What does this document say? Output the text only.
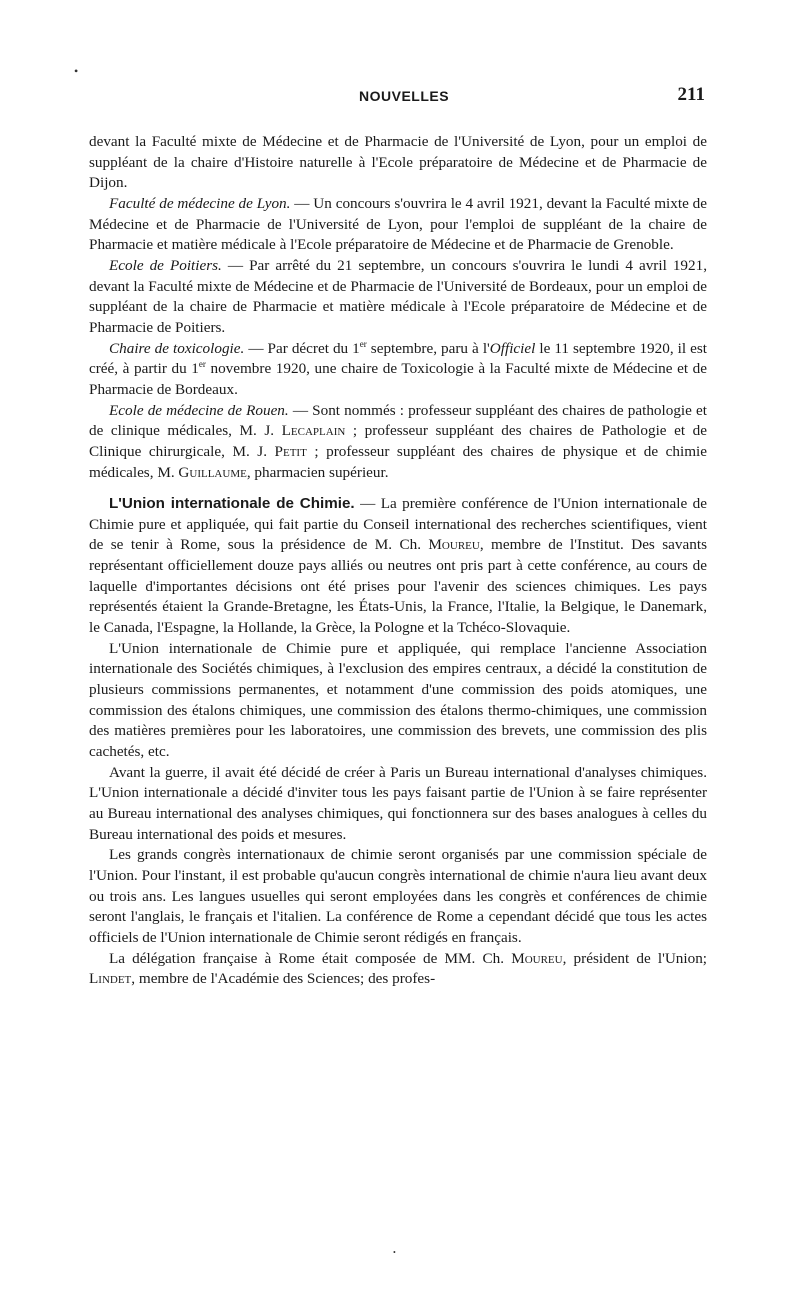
•
NOUVELLES	211

devant la Faculté mixte de Médecine et de Pharmacie de l'Université de Lyon, pour un emploi de suppléant de la chaire d'Histoire naturelle à l'Ecole préparatoire de Médecine et de Pharmacie de Dijon.

Faculté de médecine de Lyon. — Un concours s'ouvrira le 4 avril 1921, devant la Faculté mixte de Médecine et de Pharmacie de l'Université de Lyon, pour l'emploi de suppléant de la chaire de Pharmacie et matière médicale à l'Ecole préparatoire de Médecine et de Pharmacie de Grenoble.

Ecole de Poitiers. — Par arrêté du 21 septembre, un concours s'ouvrira le lundi 4 avril 1921, devant la Faculté mixte de Médecine et de Pharmacie de l'Université de Bordeaux, pour un emploi de suppléant de la chaire de Pharmacie et matière médicale à l'Ecole préparatoire de Médecine et de Pharmacie de Poitiers.

Chaire de toxicologie. — Par décret du 1er septembre, paru à l'Officiel le 11 septembre 1920, il est créé, à partir du 1er novembre 1920, une chaire de Toxicologie à la Faculté mixte de Médecine et de Pharmacie de Bordeaux.

Ecole de médecine de Rouen. — Sont nommés : professeur suppléant des chaires de pathologie et de clinique médicales, M. J. Lecaplain ; professeur suppléant des chaires de Pathologie et de Clinique chirurgicale, M. J. Petit ; professeur suppléant des chaires de physique et de chimie médicales, M. Guillaume, pharmacien supérieur.

L'Union internationale de Chimie. — La première conférence de l'Union internationale de Chimie pure et appliquée, qui fait partie du Conseil international des recherches scientifiques, vient de se tenir à Rome, sous la présidence de M. Ch. Moureu, membre de l'Institut. Des savants représentant officiellement douze pays alliés ou neutres ont pris part à cette conférence, au cours de laquelle d'importantes décisions ont été prises pour l'avenir des sciences chimiques. Les pays représentés étaient la Grande-Bretagne, les États-Unis, la France, l'Italie, la Belgique, le Danemark, le Canada, l'Espagne, la Hollande, la Grèce, la Pologne et la Tchéco-Slovaquie.

L'Union internationale de Chimie pure et appliquée, qui remplace l'ancienne Association internationale des Sociétés chimiques, à l'exclusion des empires centraux, a décidé la constitution de plusieurs commissions permanentes, et notamment d'une commission des poids atomiques, une commission des étalons chimiques, une commission des étalons thermo-chimiques, une commission des matières premières pour les laboratoires, une commission des brevets, une commission des plis cachetés, etc.

Avant la guerre, il avait été décidé de créer à Paris un Bureau international d'analyses chimiques. L'Union internationale a décidé d'inviter tous les pays faisant partie de l'Union à se faire représenter au Bureau international des analyses chimiques, qui fonctionnera sur des bases analogues à celles du Bureau international des poids et mesures.

Les grands congrès internationaux de chimie seront organisés par une commission spéciale de l'Union. Pour l'instant, il est probable qu'aucun congrès international de chimie n'aura lieu avant deux ou trois ans. Les langues usuelles qui seront employées dans les congrès et conférences de chimie seront l'anglais, le français et l'italien. La conférence de Rome a cependant décidé que tous les actes officiels de l'Union internationale de Chimie seront rédigés en français.

La délégation française à Rome était composée de MM. Ch. Moureu, président de l'Union; Lindet, membre de l'Académie des Sciences; des profes-

•
